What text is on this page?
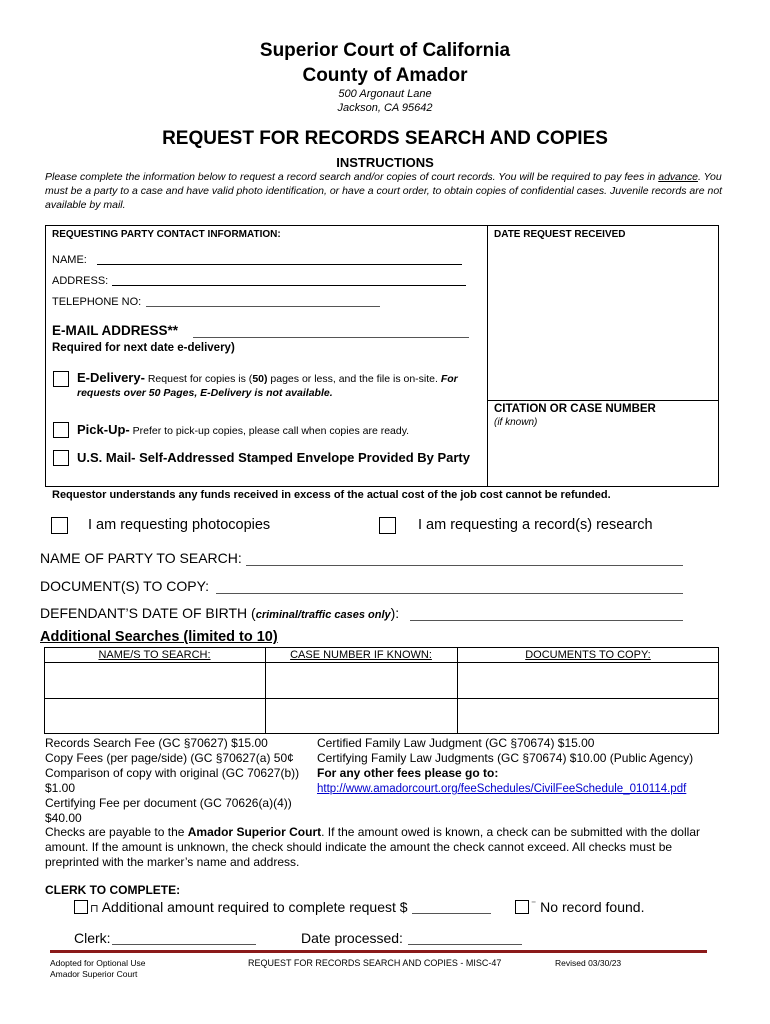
Superior Court of California
County of Amador
500 Argonaut Lane
Jackson, CA 95642
REQUEST FOR RECORDS SEARCH AND COPIES
INSTRUCTIONS
Please complete the information below to request a record search and/or copies of court records. You will be required to pay fees in advance. You must be a party to a case and have valid photo identification, or have a court order, to obtain copies of confidential cases. Juvenile records are not available by mail.
REQUESTING PARTY CONTACT INFORMATION:	DATE REQUEST RECEIVED
NAME:
ADDRESS:
TELEPHONE NO:
E-MAIL ADDRESS**
Required for next date e-delivery)
E-Delivery- Request for copies is (50) pages or less, and the file is on-site. For requests over 50 Pages, E-Delivery is not available.
Pick-Up- Prefer to pick-up copies, please call when copies are ready.
U.S. Mail- Self-Addressed Stamped Envelope Provided By Party
CITATION OR CASE NUMBER
(if known)
Requestor understands any funds received in excess of the actual cost of the job cost cannot be refunded.
I am requesting photocopies	I am requesting a record(s) research
NAME OF PARTY TO SEARCH:
DOCUMENT(S) TO COPY:
DEFENDANT’S DATE OF BIRTH (criminal/traffic cases only):
Additional Searches (limited to 10)
NAME/S TO SEARCH:	CASE NUMBER IF KNOWN:	DOCUMENTS TO COPY:
Records Search Fee (GC §70627) $15.00
Copy Fees (per page/side) (GC §70627(a) 50¢
Comparison of copy with original (GC 70627(b)) $1.00
Certifying Fee per document (GC 70626(a)(4)) $40.00
Certified Family Law Judgment (GC §70674) $15.00
Certifying Family Law Judgments (GC §70674) $10.00 (Public Agency)
For any other fees please go to:
http://www.amadorcourt.org/feeSchedules/CivilFeeSchedule_010114.pdf
Checks are payable to the Amador Superior Court. If the amount owed is known, a check can be submitted with the dollar amount. If the amount is unknown, the check should indicate the amount the check cannot exceed. All checks must be preprinted with the marker’s name and address.
CLERK TO COMPLETE:
⊓ Additional amount required to complete request $	⁻ No record found.
Clerk:	Date processed:
Adopted for Optional Use
Amador Superior Court
REQUEST FOR RECORDS SEARCH AND COPIES - MISC-47	Revised 03/30/23
